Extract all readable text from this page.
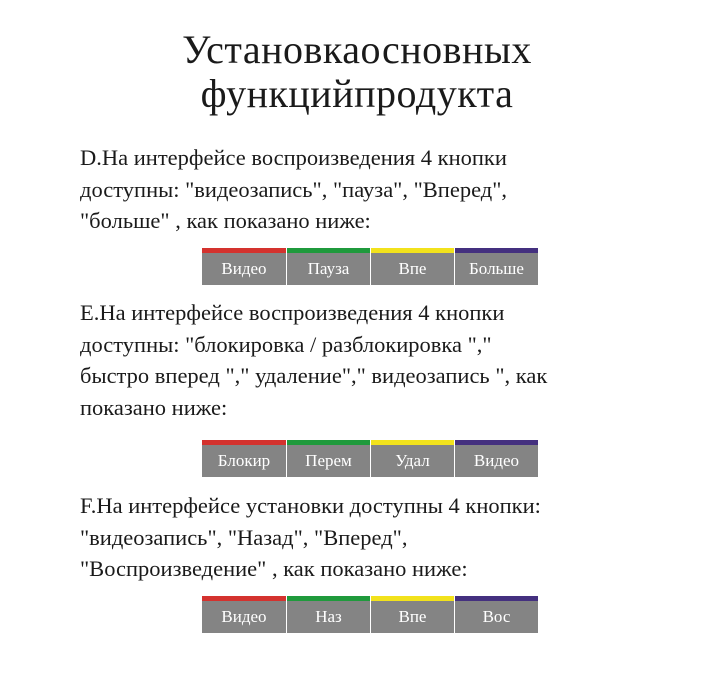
Установкаосновных
функцийпродукта
D.На интерфейсе воспроизведения 4 кнопки
доступны: "видеозапись", "пауза", "Вперед",
"больше" , как показано ниже:
Видео	Пауза	Впе	Больше
E.На интерфейсе воспроизведения 4 кнопки
доступны: "блокировка / разблокировка ","
быстро вперед "," удаление"," видеозапись ", как
показано ниже:
Блокир	Перем	Удал	Видео
F.На интерфейсе установки доступны 4 кнопки:
"видеозапись", "Назад", "Вперед",
"Воспроизведение" , как показано ниже:
Видео	Наз	Впе	Вос
